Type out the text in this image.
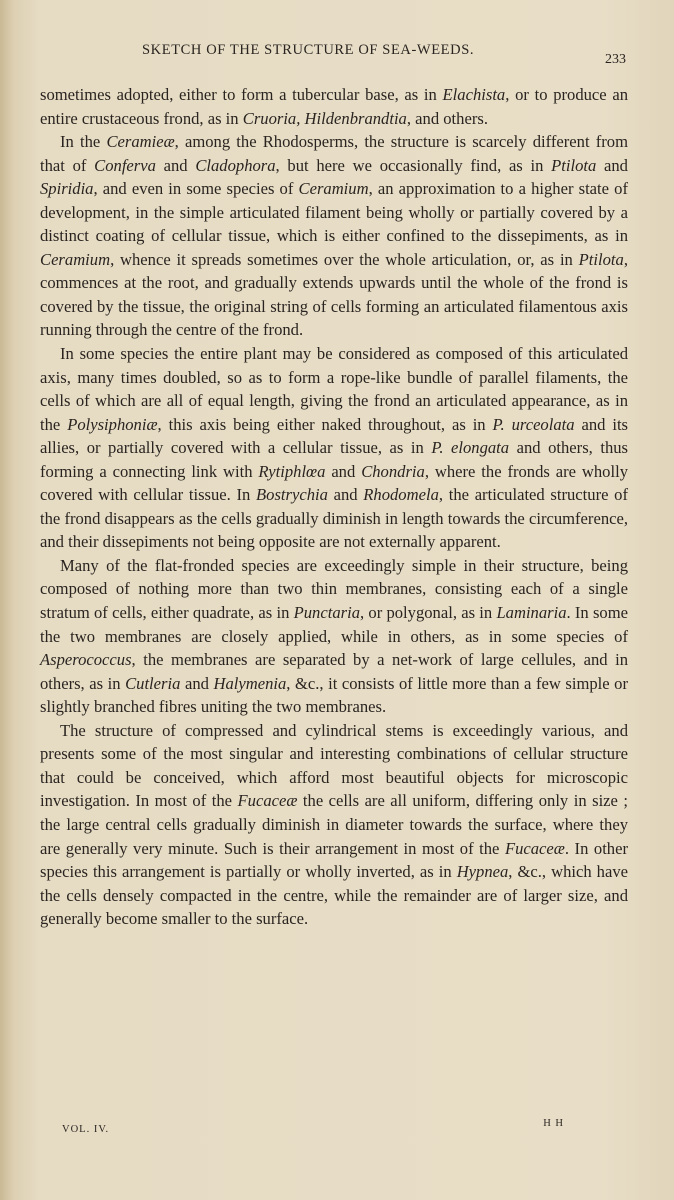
SKETCH OF THE STRUCTURE OF SEA-WEEDS.
233

sometimes adopted, either to form a tubercular base, as in Elachista, or to produce an entire crustaceous frond, as in Cruoria, Hildenbrandtia, and others.

In the Ceramieæ, among the Rhodosperms, the structure is scarcely different from that of Conferva and Cladophora, but here we occasionally find, as in Ptilota and Spiridia, and even in some species of Ceramium, an approximation to a higher state of development, in the simple articulated filament being wholly or partially covered by a distinct coating of cellular tissue, which is either confined to the dissepiments, as in Ceramium, whence it spreads sometimes over the whole articulation, or, as in Ptilota, commences at the root, and gradually extends upwards until the whole of the frond is covered by the tissue, the original string of cells forming an articulated filamentous axis running through the centre of the frond.

In some species the entire plant may be considered as composed of this articulated axis, many times doubled, so as to form a rope-like bundle of parallel filaments, the cells of which are all of equal length, giving the frond an articulated appearance, as in the Polysiphoniæ, this axis being either naked throughout, as in P. urceolata and its allies, or partially covered with a cellular tissue, as in P. elongata and others, thus forming a connecting link with Rytiphlœa and Chondria, where the fronds are wholly covered with cellular tissue. In Bostrychia and Rhodomela, the articulated structure of the frond disappears as the cells gradually diminish in length towards the circumference, and their dissepiments not being opposite are not externally apparent.

Many of the flat-fronded species are exceedingly simple in their structure, being composed of nothing more than two thin membranes, consisting each of a single stratum of cells, either quadrate, as in Punctaria, or polygonal, as in Laminaria. In some the two membranes are closely applied, while in others, as in some species of Asperococcus, the membranes are separated by a net-work of large cellules, and in others, as in Cutleria and Halymenia, &c., it consists of little more than a few simple or slightly branched fibres uniting the two membranes.

The structure of compressed and cylindrical stems is exceedingly various, and presents some of the most singular and interesting combinations of cellular structure that could be conceived, which afford most beautiful objects for microscopic investigation. In most of the Fucaceæ the cells are all uniform, differing only in size ; the large central cells gradually diminish in diameter towards the surface, where they are generally very minute. Such is their arrangement in most of the Fucaceæ. In other species this arrangement is partially or wholly inverted, as in Hypnea, &c., which have the cells densely compacted in the centre, while the remainder are of larger size, and generally become smaller to the surface.

VOL. IV.
H H
